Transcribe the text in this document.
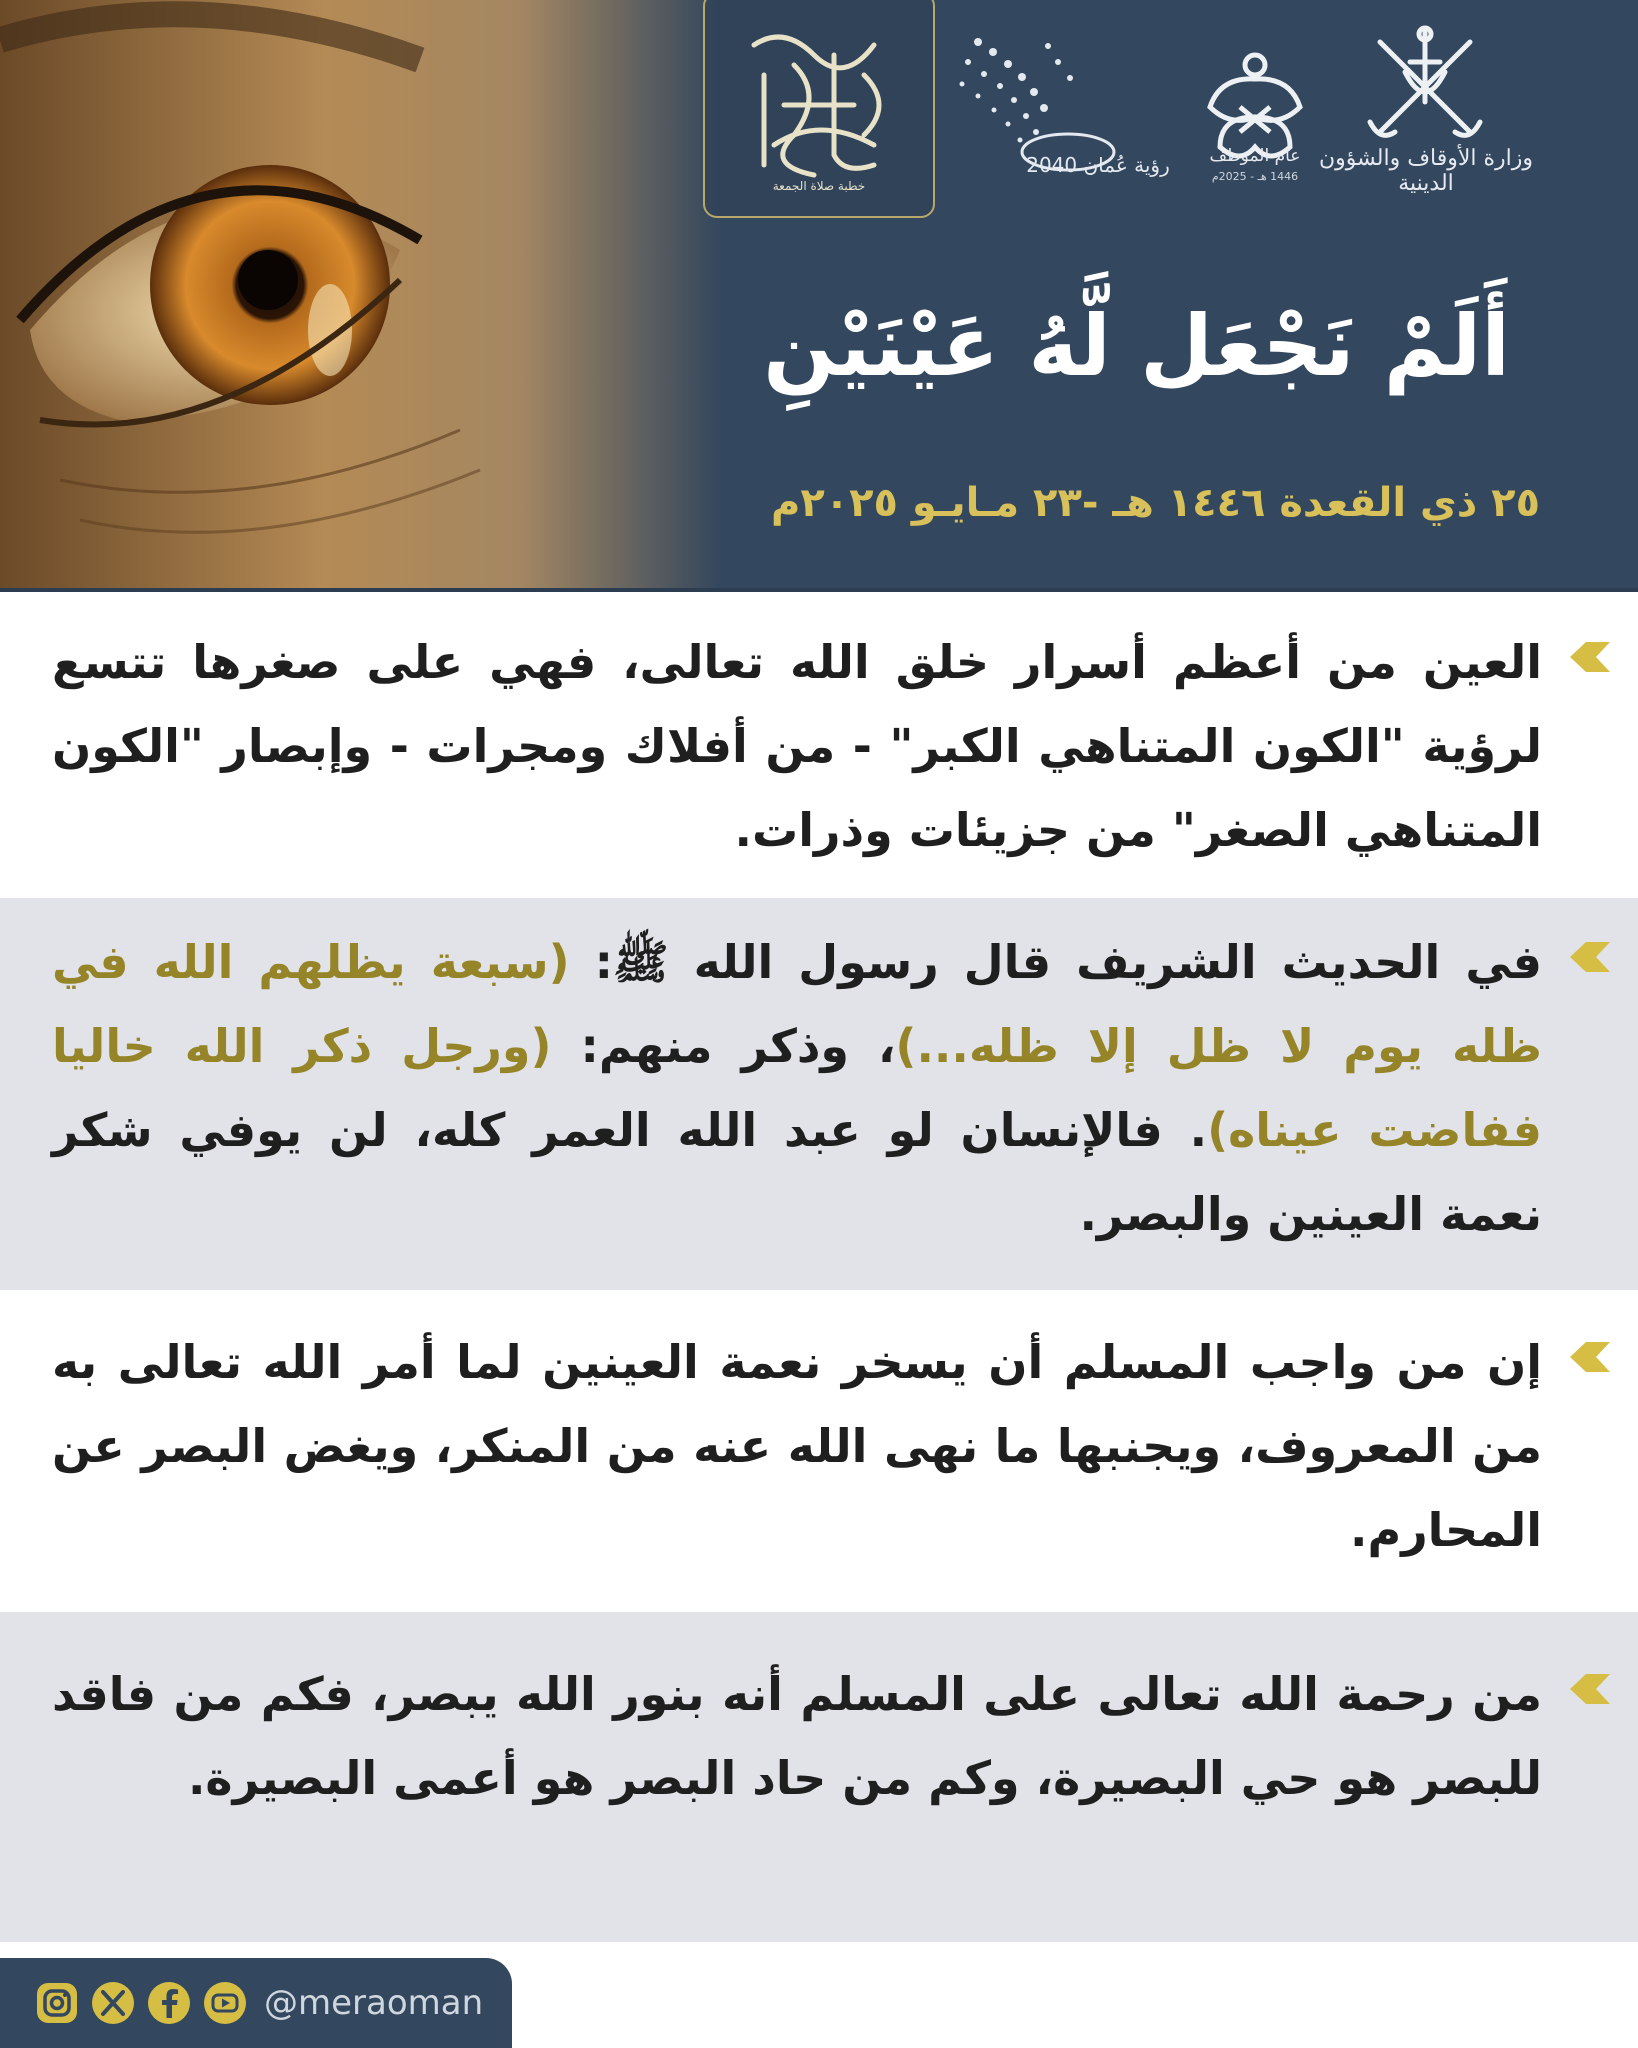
خطبة صلاة الجمعة
رؤية عُمان 2040	عام الموظف
1446 هـ - 2025م
وزارة الأوقاف والشؤون الدينية
أَلَمْ نَجْعَل لَّهُ عَيْنَيْنِ
٢٥ ذي القعدة ١٤٤٦ هـ -٢٣ مـايـو ٢٠٢٥م
العين من أعظم أسرار خلق الله تعالى، فهي على صغرها تتسع لرؤية "الكون المتناهي الكبر" - من أفلاك ومجرات - وإبصار "الكون المتناهي الصغر" من جزيئات وذرات.
في الحديث الشريف قال رسول الله ﷺ: (سبعة يظلهم الله في ظله يوم لا ظل إلا ظله...)، وذكر منهم: (ورجل ذكر الله خاليا ففاضت عيناه). فالإنسان لو عبد الله العمر كله، لن يوفي شكر نعمة العينين والبصر.
إن من واجب المسلم أن يسخر نعمة العينين لما أمر الله تعالى به من المعروف، ويجنبها ما نهى الله عنه من المنكر، ويغض البصر عن المحارم.
من رحمة الله تعالى على المسلم أنه بنور الله يبصر، فكم من فاقد للبصر هو حي البصيرة، وكم من حاد البصر هو أعمى البصيرة.
@meraoman
